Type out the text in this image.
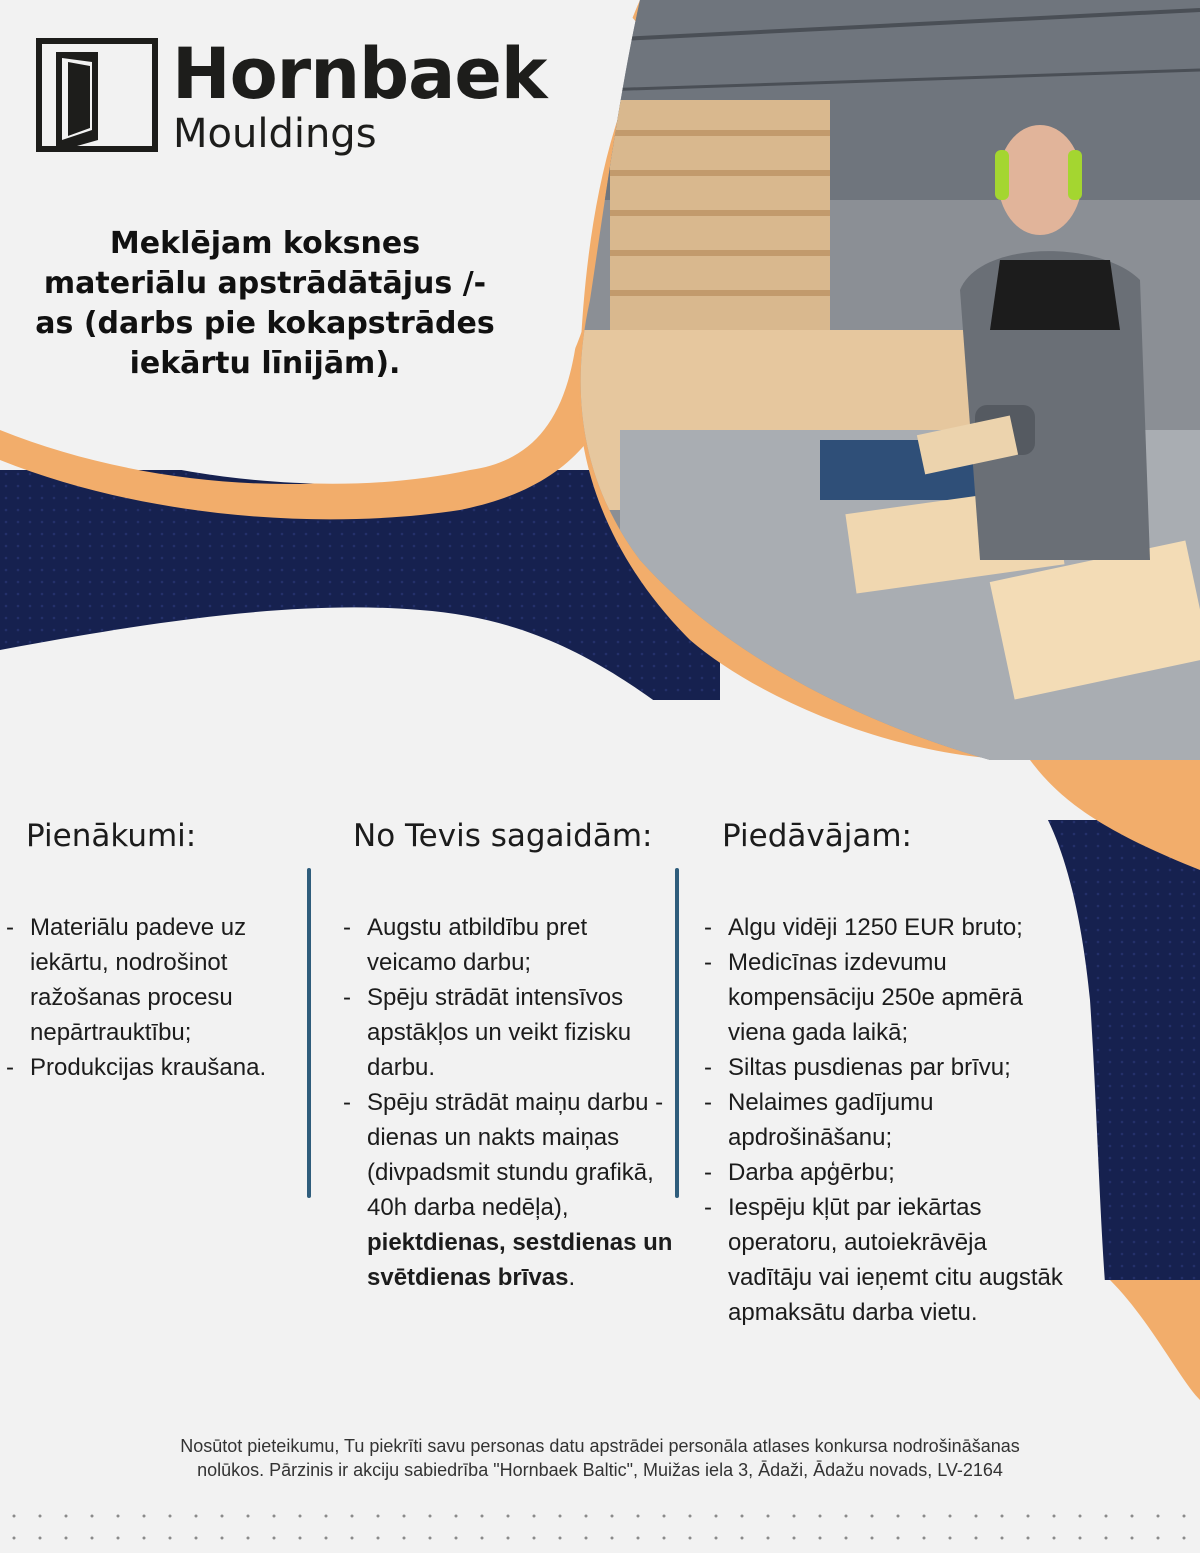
Hornbaek
Mouldings
Meklējam koksnes materiālu apstrādātājus /-as (darbs pie kokapstrādes iekārtu līnijām).
Pienākumi:	No Tevis sagaidām: Piedāvājam:
- Materiālu padeve uz iekārtu, nodrošinot ražošanas procesu nepārtrauktību;
- Produkcijas kraušana.
- Augstu atbildību pret veicamo darbu;
- Spēju strādāt intensīvos apstākļos un veikt fizisku darbu.
- Spēju strādāt maiņu darbu - dienas un nakts maiņas (divpadsmit stundu grafikā, 40h darba nedēļa), piektdienas, sestdienas un svētdienas brīvas.
- Algu vidēji 1250 EUR bruto;
- Medicīnas izdevumu kompensāciju 250e apmērā viena gada laikā;
- Siltas pusdienas par brīvu;
- Nelaimes gadījumu apdrošināšanu;
- Darba apģērbu;
- Iespēju kļūt par iekārtas operatoru, autoiekrāvēja vadītāju vai ieņemt citu augstāk apmaksātu darba vietu.
Nosūtot pieteikumu, Tu piekrīti savu personas datu apstrādei personāla atlases konkursa nodrošināšanas
nolūkos. Pārzinis ir akciju sabiedrība "Hornbaek Baltic", Muižas iela 3, Ādaži, Ādažu novads, LV-2164
